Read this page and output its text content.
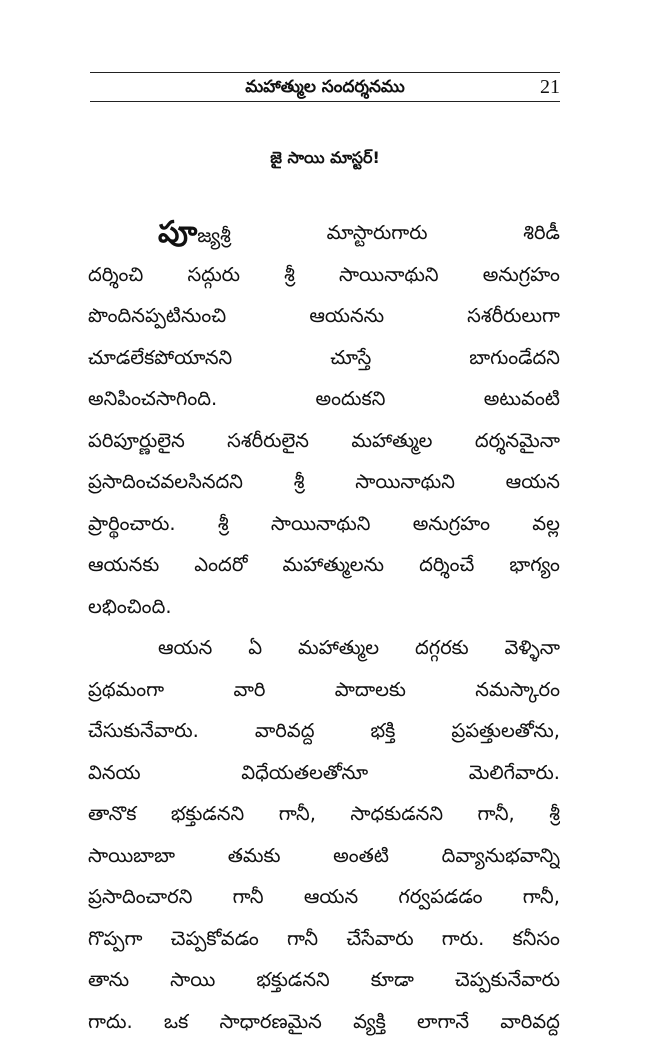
మహాత్ముల సందర్శనము	21
జై సాయి మాస్టర్!
పూజ్యశ్రీ	మాస్టారుగారు	శిరిడీ
దర్శించి సద్గురు శ్రీ సాయినాథుని అనుగ్రహం
పొందినప్పటినుంచి	ఆయనను	సశరీరులుగా
చూడలేకపోయానని	చూస్తే	బాగుండేదని
అనిపించసాగింది.	అందుకని	అటువంటి
పరిపూర్ణులైన సశరీరులైన మహాత్ముల దర్శనమైనా
ప్రసాదించవలసినదని	శ్రీ	సాయినాథుని	ఆయన
ప్రార్థించారు. శ్రీ సాయినాథుని అనుగ్రహం వల్ల
ఆయనకు ఎందరో మహాత్ములను దర్శించే భాగ్యం
లభించింది.
ఆయన ఏ మహాత్ముల దగ్గరకు వెళ్ళినా
ప్రథమంగా	వారి	పాదాలకు	నమస్కారం
చేసుకునేవారు.	వారివద్ద	భక్తి	ప్రపత్తులతోను,
వినయ	విధేయతలతోనూ	మెలిగేవారు.
తానొక భక్తుడనని గానీ, సాధకుడనని గానీ, శ్రీ
సాయిబాబా	తమకు	అంతటి	దివ్యానుభవాన్ని
ప్రసాదించారని గానీ ఆయన గర్వపడడం గానీ,
గొప్పగా చెప్పకోవడం గానీ చేసేవారు గారు. కనీసం
తాను సాయి భక్తుడనని కూడా చెప్పకునేవారు
గాదు. ఒక సాధారణమైన వ్యక్తి లాగానే వారివద్ద
